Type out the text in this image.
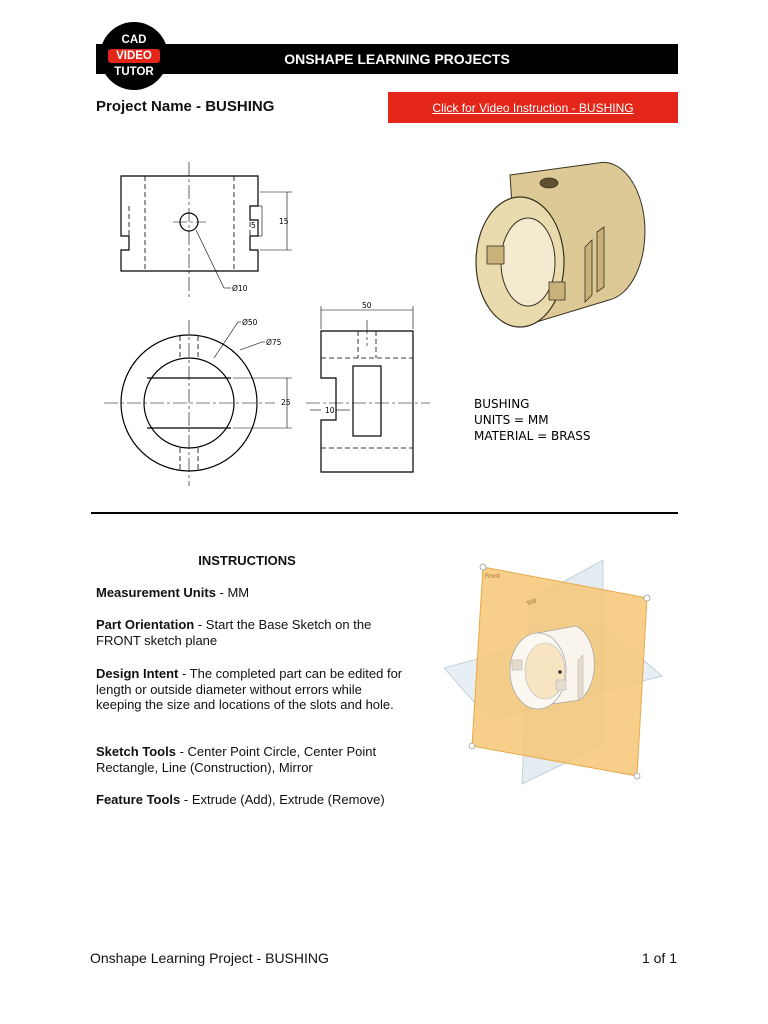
ONSHAPE LEARNING PROJECTS
CAD
VIDEO
TUTOR
Project Name - BUSHING	Click for Video Instruction - BUSHING
15
5
Ø10
Ø50
Ø75
25
10
50
BUSHING
UNITS = MM
MATERIAL = BRASS
INSTRUCTIONS
Measurement Units - MM
Part Orientation - Start the Base Sketch on the FRONT sketch plane
Design Intent - The completed part can be edited for length or outside diameter without errors while keeping the size and locations of the slots and hole.
Sketch Tools - Center Point Circle, Center Point Rectangle, Line (Construction), Mirror
Feature Tools - Extrude (Add), Extrude (Remove)
Front
Top
Onshape Learning Project - BUSHING	1 of 1
